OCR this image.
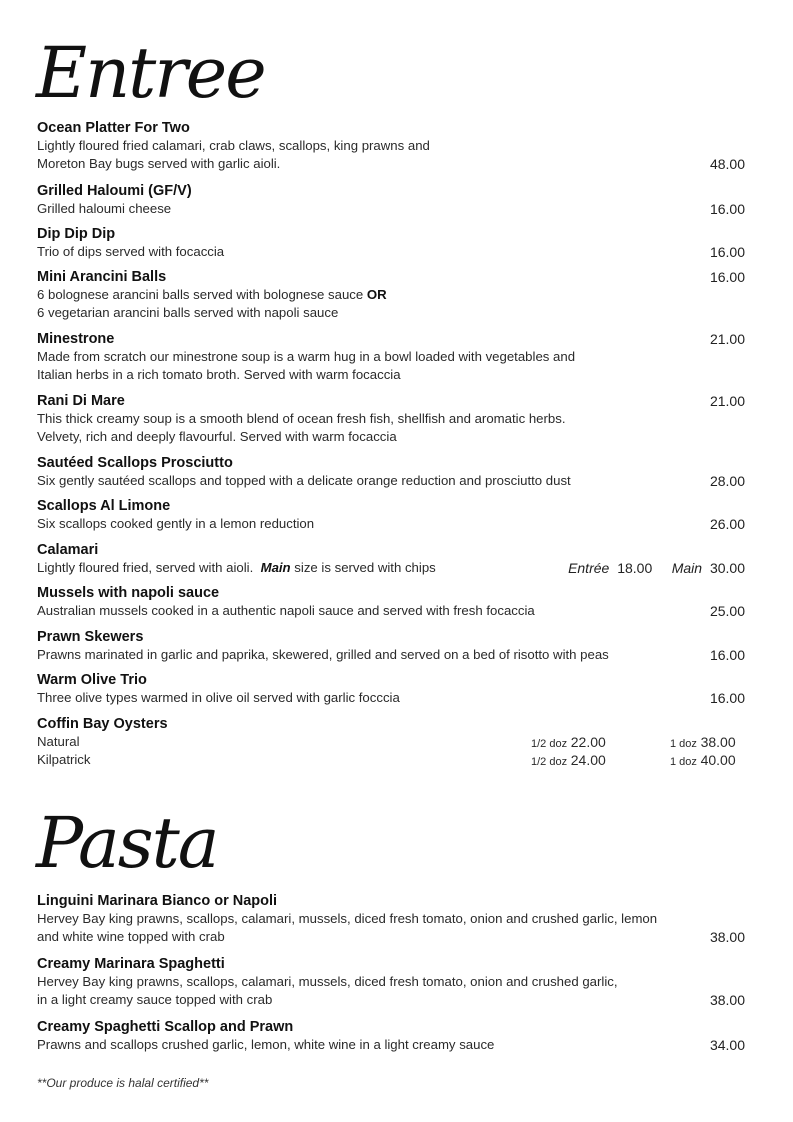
Entree
Ocean Platter For Two
Lightly floured fried calamari, crab claws, scallops, king prawns and
Moreton Bay bugs served with garlic aioli.	48.00
Grilled Haloumi (GF/V)
Grilled haloumi cheese	16.00
Dip Dip Dip
Trio of dips served with focaccia	16.00
Mini Arancini Balls
6 bolognese arancini balls served with bolognese sauce OR
6 vegetarian arancini balls served with napoli sauce
16.00
Minestrone
Made from scratch our minestrone soup is a warm hug in a bowl loaded with vegetables and
Italian herbs in a rich tomato broth. Served with warm focaccia
21.00
Rani Di Mare
This thick creamy soup is a smooth blend of ocean fresh fish, shellfish and aromatic herbs.
Velvety, rich and deeply flavourful. Served with warm focaccia
21.00
Sautéed Scallops Prosciutto
Six gently sautéed scallops and topped with a delicate orange reduction and prosciutto dust	28.00
Scallops Al Limone
Six scallops cooked gently in a lemon reduction	26.00
Calamari
Lightly floured fried, served with aioli. Main size is served with chips	Entrée 18.00 Main 30.00
Mussels with napoli sauce
Australian mussels cooked in a authentic napoli sauce and served with fresh focaccia	25.00
Prawn Skewers
Prawns marinated in garlic and paprika, skewered, grilled and served on a bed of risotto with peas	16.00
Warm Olive Trio
Three olive types warmed in olive oil served with garlic focccia	16.00
Coffin Bay Oysters
Natural	1/2 doz 22.00	1 doz 38.00
Kilpatrick	1/2 doz 24.00	1 doz 40.00
Pasta
Linguini Marinara Bianco or Napoli
Hervey Bay king prawns, scallops, calamari, mussels, diced fresh tomato, onion and crushed garlic, lemon
and white wine topped with crab	38.00
Creamy Marinara Spaghetti
Hervey Bay king prawns, scallops, calamari, mussels, diced fresh tomato, onion and crushed garlic,
in a light creamy sauce topped with crab	38.00
Creamy Spaghetti Scallop and Prawn
Prawns and scallops crushed garlic, lemon, white wine in a light creamy sauce	34.00
**Our produce is halal certified**
